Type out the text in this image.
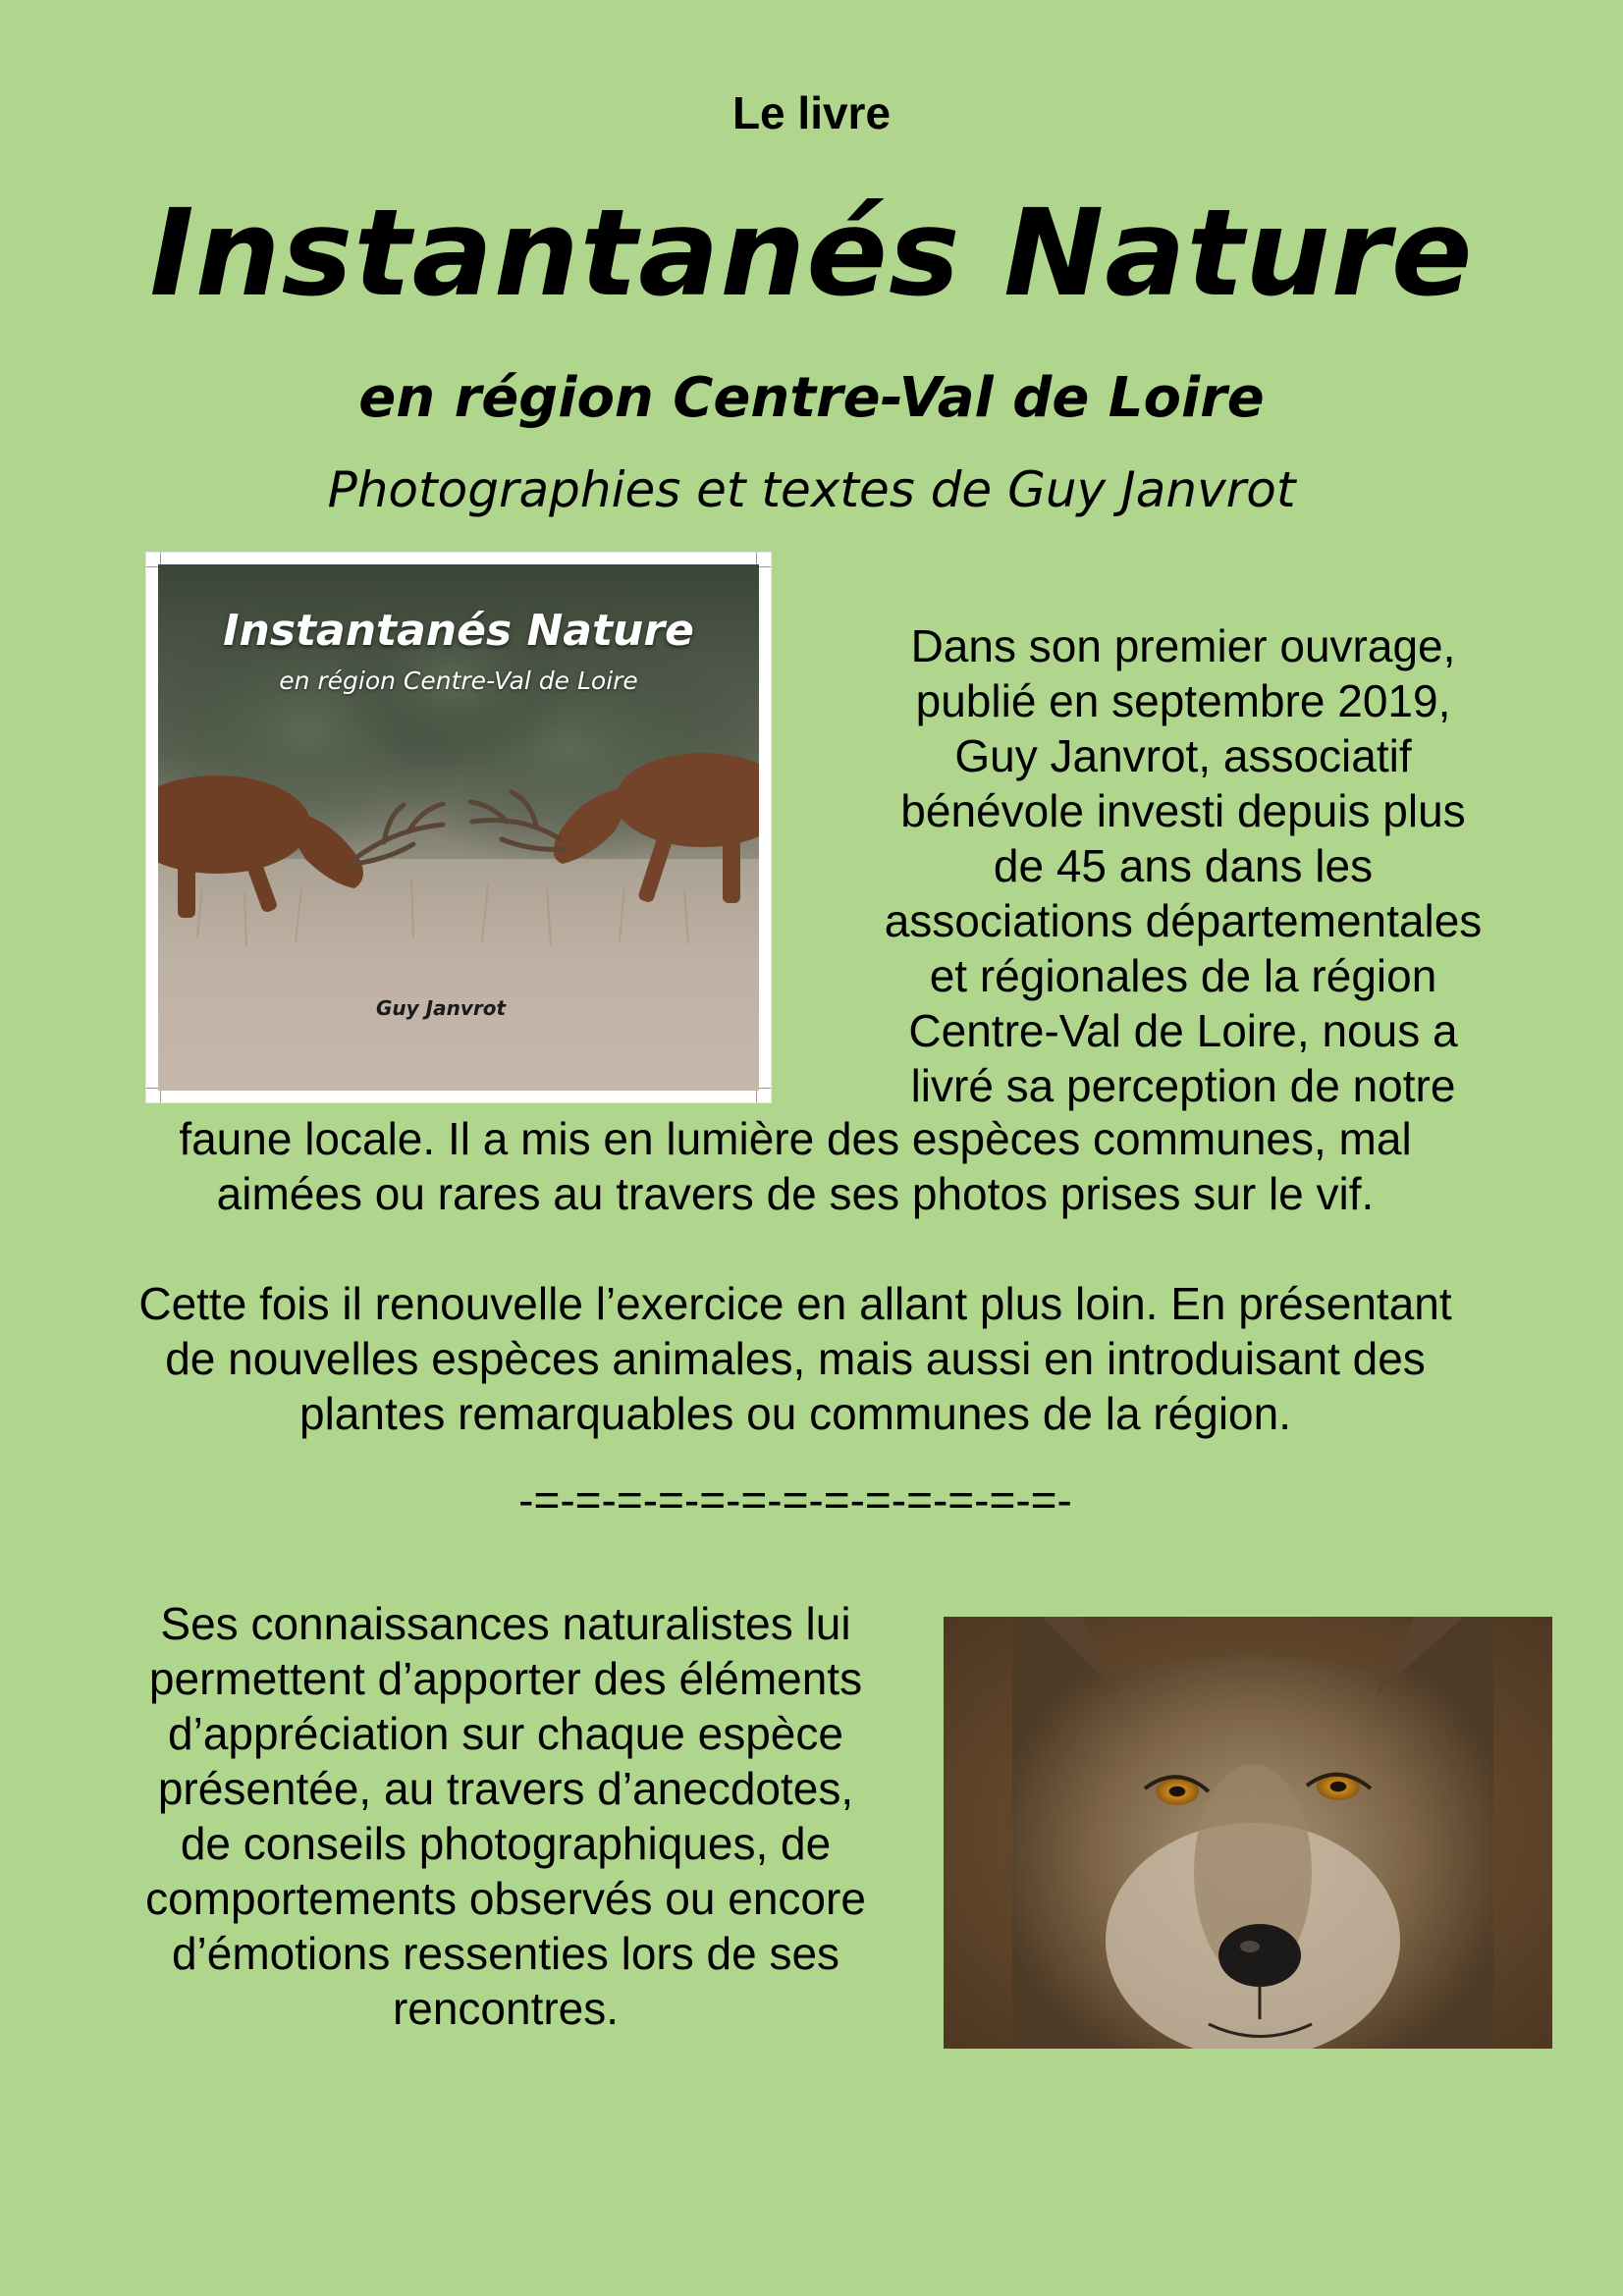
Le livre
Instantanés Nature
en région Centre-Val de Loire
Photographies et textes de Guy Janvrot
Instantanés Nature
en région Centre-Val de Loire
Guy Janvrot
Dans son premier ouvrage,
publié en septembre 2019,
Guy Janvrot, associatif
bénévole investi depuis plus
de 45 ans dans les
associations départementales
et régionales de la région
Centre-Val de Loire, nous a
livré sa perception de notre
faune locale. Il a mis en lumière des espèces communes, mal
aimées ou rares au travers de ses photos prises sur le vif.
Cette fois il renouvelle l’exercice en allant plus loin. En présentant
de nouvelles espèces animales, mais aussi en introduisant des
plantes remarquables ou communes de la région.
-=-=-=-=-=-=-=-=-=-=-=-=-=-
Ses connaissances naturalistes lui
permettent d’apporter des éléments
d’appréciation sur chaque espèce
présentée, au travers d’anecdotes,
de conseils photographiques, de
comportements observés ou encore
d’émotions ressenties lors de ses
rencontres.
